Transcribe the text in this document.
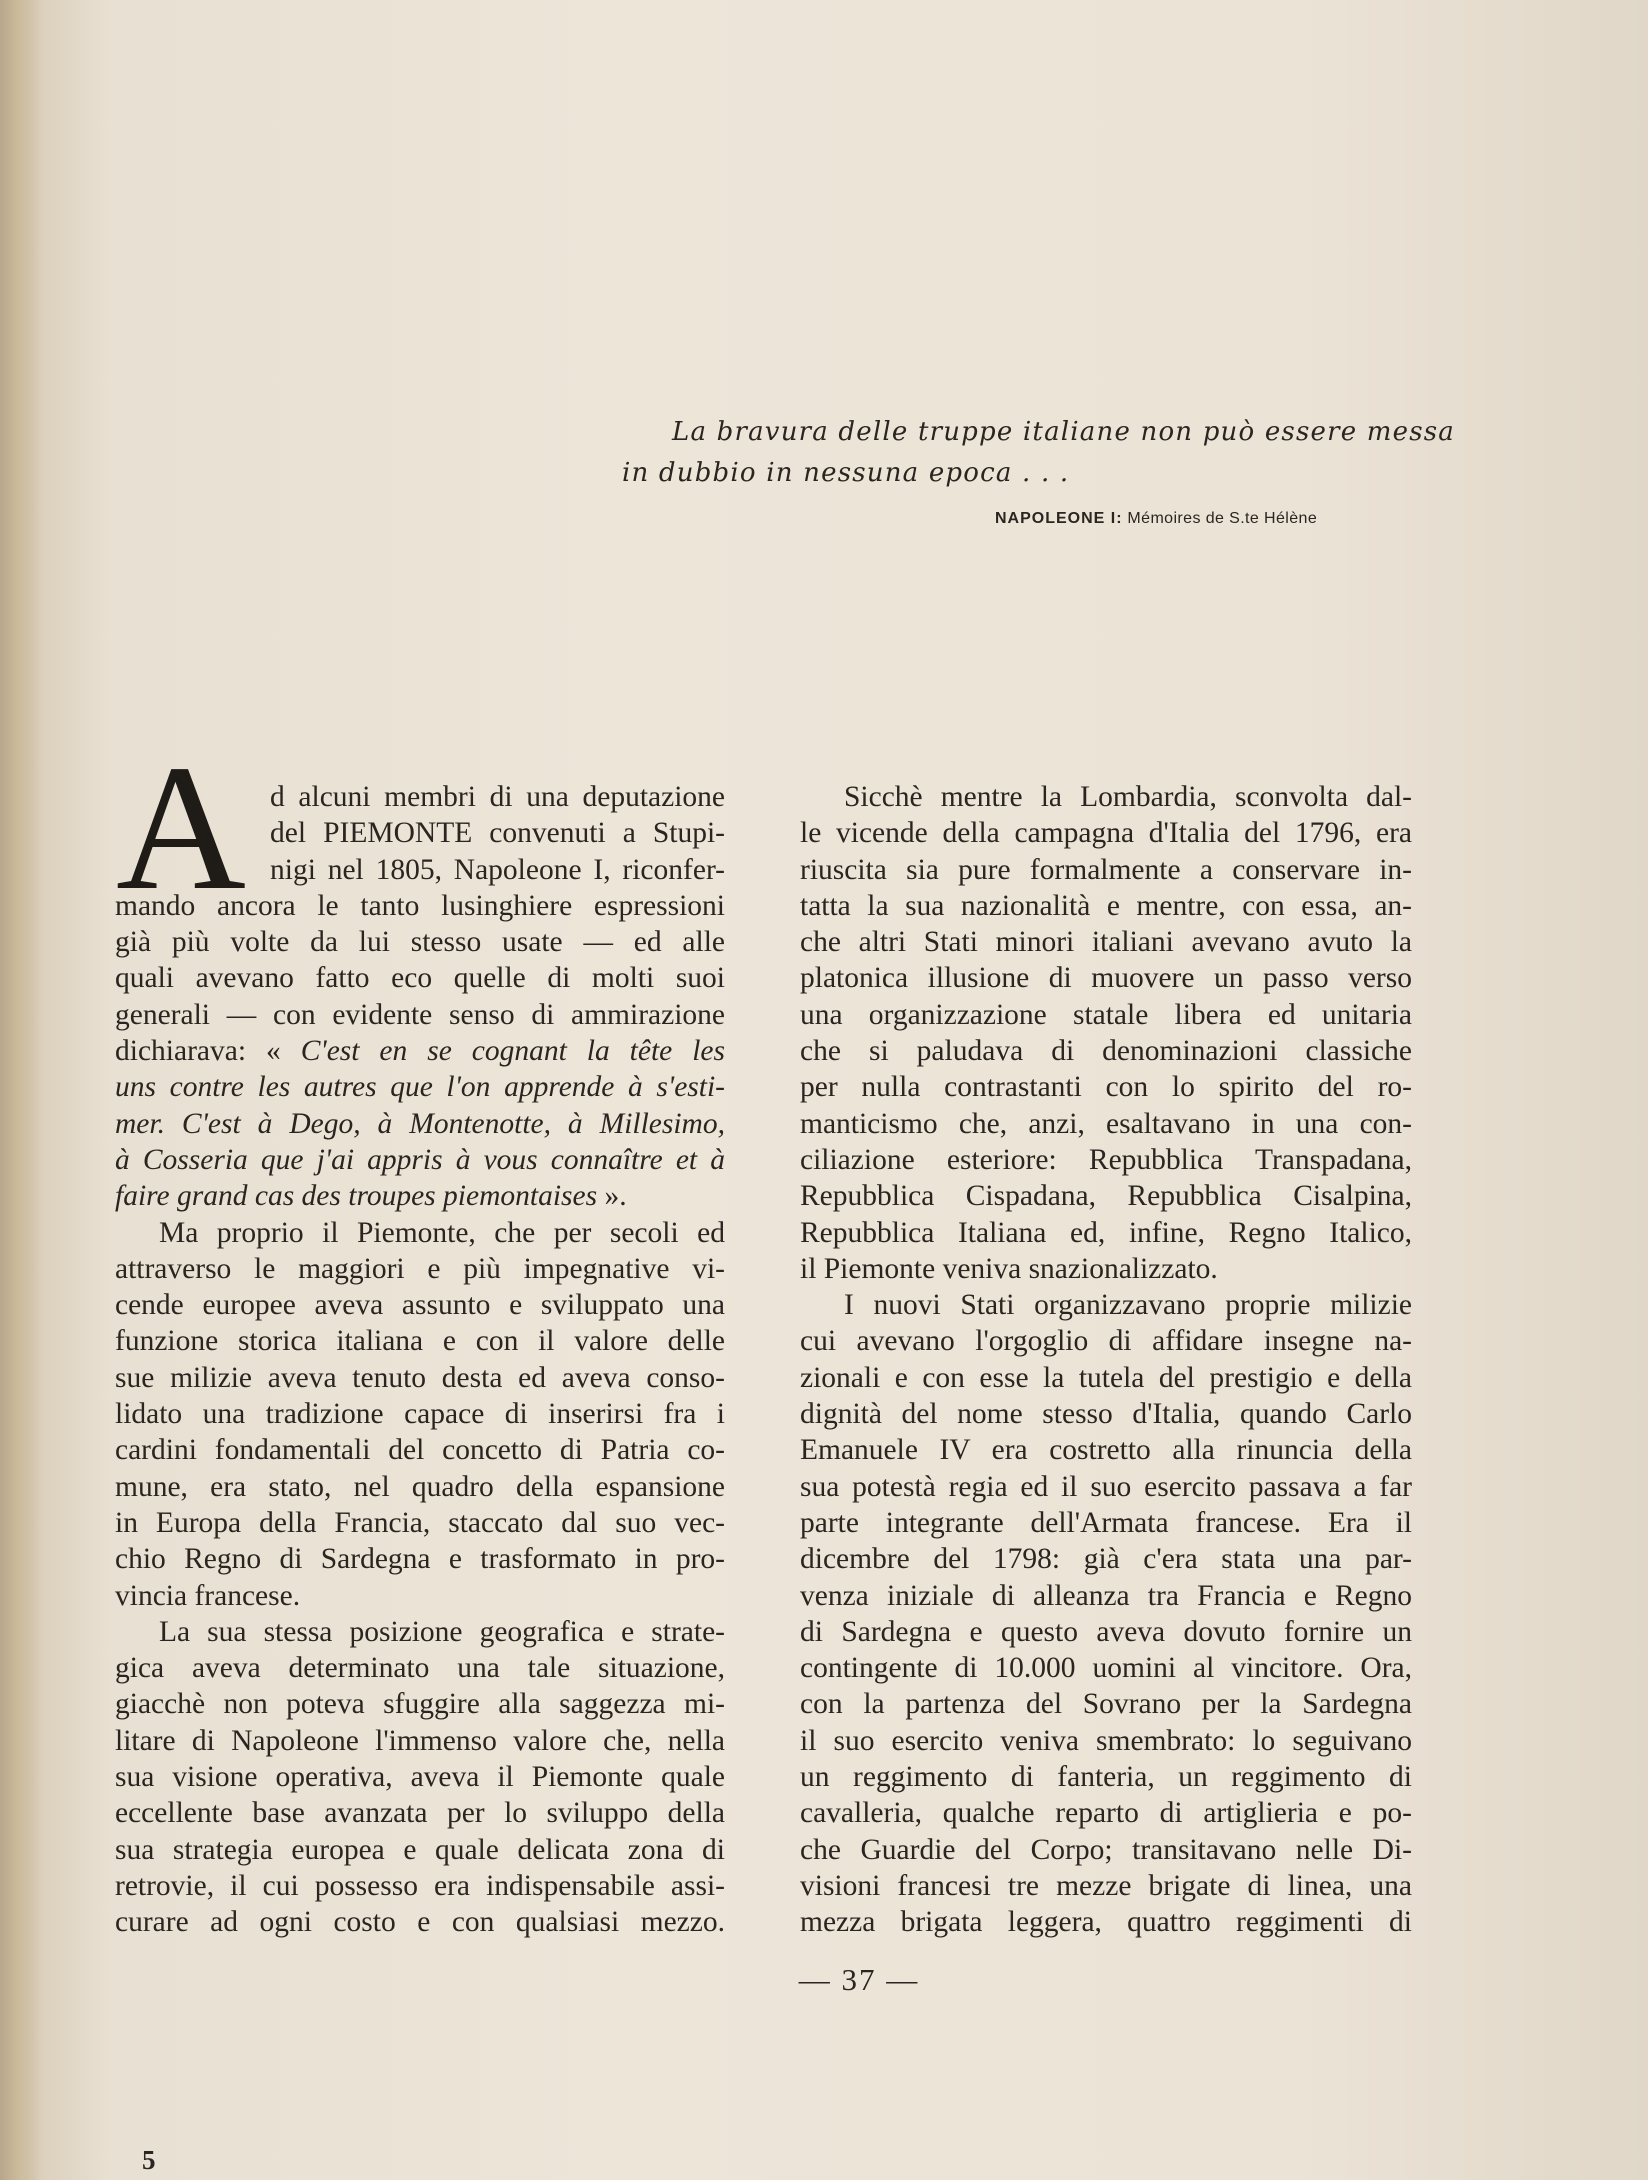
La bravura delle truppe italiane non può essere messa
in dubbio in nessuna epoca . . .
NAPOLEONE I: Mémoires de S.te Hélène
A d alcuni membri di una deputazione
del PIEMONTE convenuti a Stupi-
nigi nel 1805, Napoleone I, riconfer-
mando ancora le tanto lusinghiere espressioni
già più volte da lui stesso usate — ed alle
quali avevano fatto eco quelle di molti suoi
generali — con evidente senso di ammirazione
dichiarava: « C'est en se cognant la tête les
uns contre les autres que l'on apprende à s'esti-
mer. C'est à Dego, à Montenotte, à Millesimo,
à Cosseria que j'ai appris à vous connaître et à
faire grand cas des troupes piemontaises ».
Ma proprio il Piemonte, che per secoli ed
attraverso le maggiori e più impegnative vi-
cende europee aveva assunto e sviluppato una
funzione storica italiana e con il valore delle
sue milizie aveva tenuto desta ed aveva conso-
lidato una tradizione capace di inserirsi fra i
cardini fondamentali del concetto di Patria co-
mune, era stato, nel quadro della espansione
in Europa della Francia, staccato dal suo vec-
chio Regno di Sardegna e trasformato in pro-
vincia francese.
La sua stessa posizione geografica e strate-
gica aveva determinato una tale situazione,
giacchè non poteva sfuggire alla saggezza mi-
litare di Napoleone l'immenso valore che, nella
sua visione operativa, aveva il Piemonte quale
eccellente base avanzata per lo sviluppo della
sua strategia europea e quale delicata zona di
retrovie, il cui possesso era indispensabile assi-
curare ad ogni costo e con qualsiasi mezzo.
Sicchè mentre la Lombardia, sconvolta dal-
le vicende della campagna d'Italia del 1796, era
riuscita sia pure formalmente a conservare in-
tatta la sua nazionalità e mentre, con essa, an-
che altri Stati minori italiani avevano avuto la
platonica illusione di muovere un passo verso
una organizzazione statale libera ed unitaria
che si paludava di denominazioni classiche
per nulla contrastanti con lo spirito del ro-
manticismo che, anzi, esaltavano in una con-
ciliazione esteriore: Repubblica Transpadana,
Repubblica Cispadana, Repubblica Cisalpina,
Repubblica Italiana ed, infine, Regno Italico,
il Piemonte veniva snazionalizzato.
I nuovi Stati organizzavano proprie milizie
cui avevano l'orgoglio di affidare insegne na-
zionali e con esse la tutela del prestigio e della
dignità del nome stesso d'Italia, quando Carlo
Emanuele IV era costretto alla rinuncia della
sua potestà regia ed il suo esercito passava a far
parte integrante dell'Armata francese. Era il
dicembre del 1798: già c'era stata una par-
venza iniziale di alleanza tra Francia e Regno
di Sardegna e questo aveva dovuto fornire un
contingente di 10.000 uomini al vincitore. Ora,
con la partenza del Sovrano per la Sardegna
il suo esercito veniva smembrato: lo seguivano
un reggimento di fanteria, un reggimento di
cavalleria, qualche reparto di artiglieria e po-
che Guardie del Corpo; transitavano nelle Di-
visioni francesi tre mezze brigate di linea, una
mezza brigata leggera, quattro reggimenti di
— 37 —
5
